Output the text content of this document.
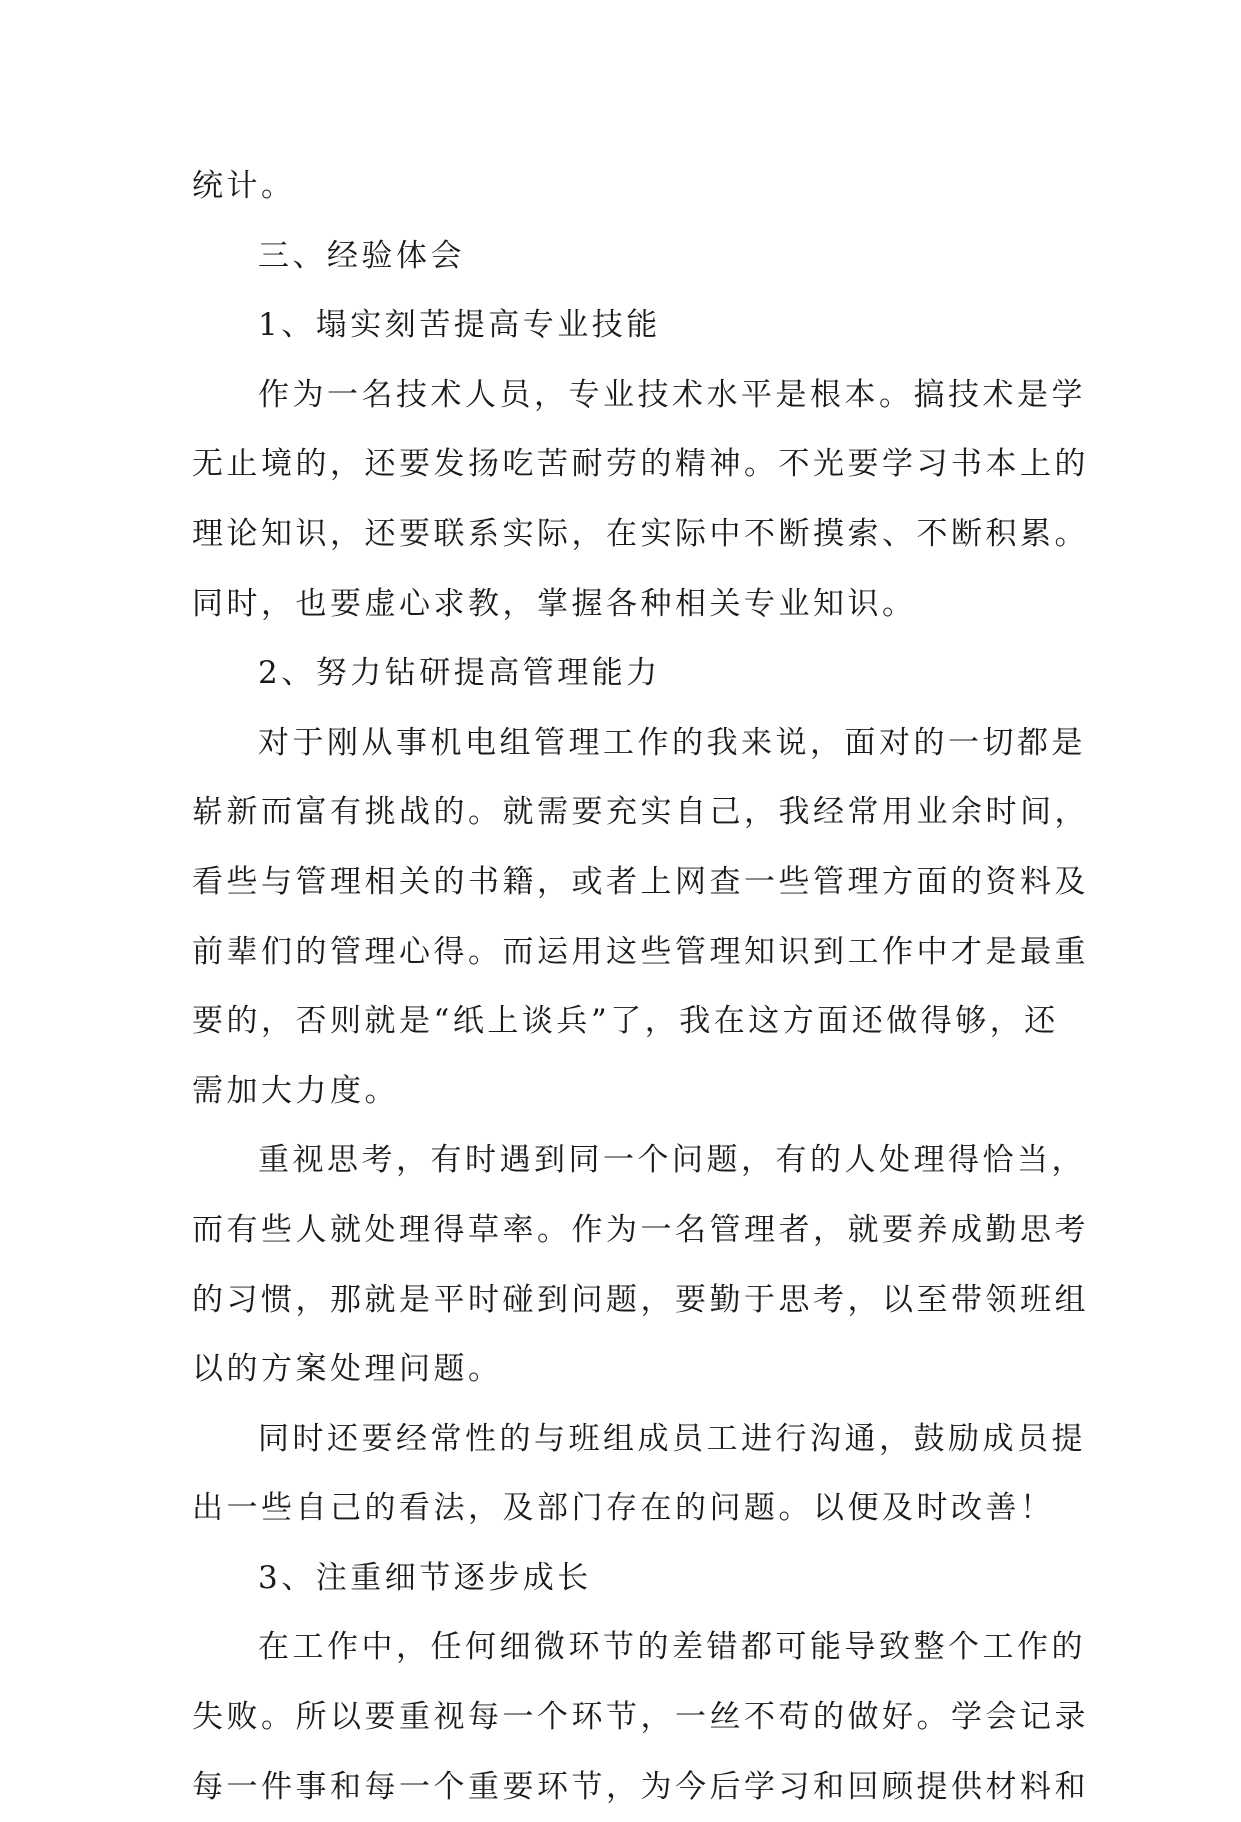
统计。
三、经验体会
1、塌实刻苦提高专业技能
作为一名技术人员，专业技术水平是根本。搞技术是学
无止境的，还要发扬吃苦耐劳的精神。不光要学习书本上的
理论知识，还要联系实际，在实际中不断摸索、不断积累。
同时，也要虚心求教，掌握各种相关专业知识。
2、努力钻研提高管理能力
对于刚从事机电组管理工作的我来说，面对的一切都是
崭新而富有挑战的。就需要充实自己，我经常用业余时间，
看些与管理相关的书籍，或者上网查一些管理方面的资料及
前辈们的管理心得。而运用这些管理知识到工作中才是最重
要的，否则就是“纸上谈兵”了，我在这方面还做得够，还
需加大力度。
重视思考，有时遇到同一个问题，有的人处理得恰当，
而有些人就处理得草率。作为一名管理者，就要养成勤思考
的习惯，那就是平时碰到问题，要勤于思考，以至带领班组
以的方案处理问题。
同时还要经常性的与班组成员工进行沟通，鼓励成员提
出一些自己的看法，及部门存在的问题。以便及时改善！
3、注重细节逐步成长
在工作中，任何细微环节的差错都可能导致整个工作的
失败。所以要重视每一个环节，一丝不苟的做好。学会记录
每一件事和每一个重要环节，为今后学习和回顾提供材料和
